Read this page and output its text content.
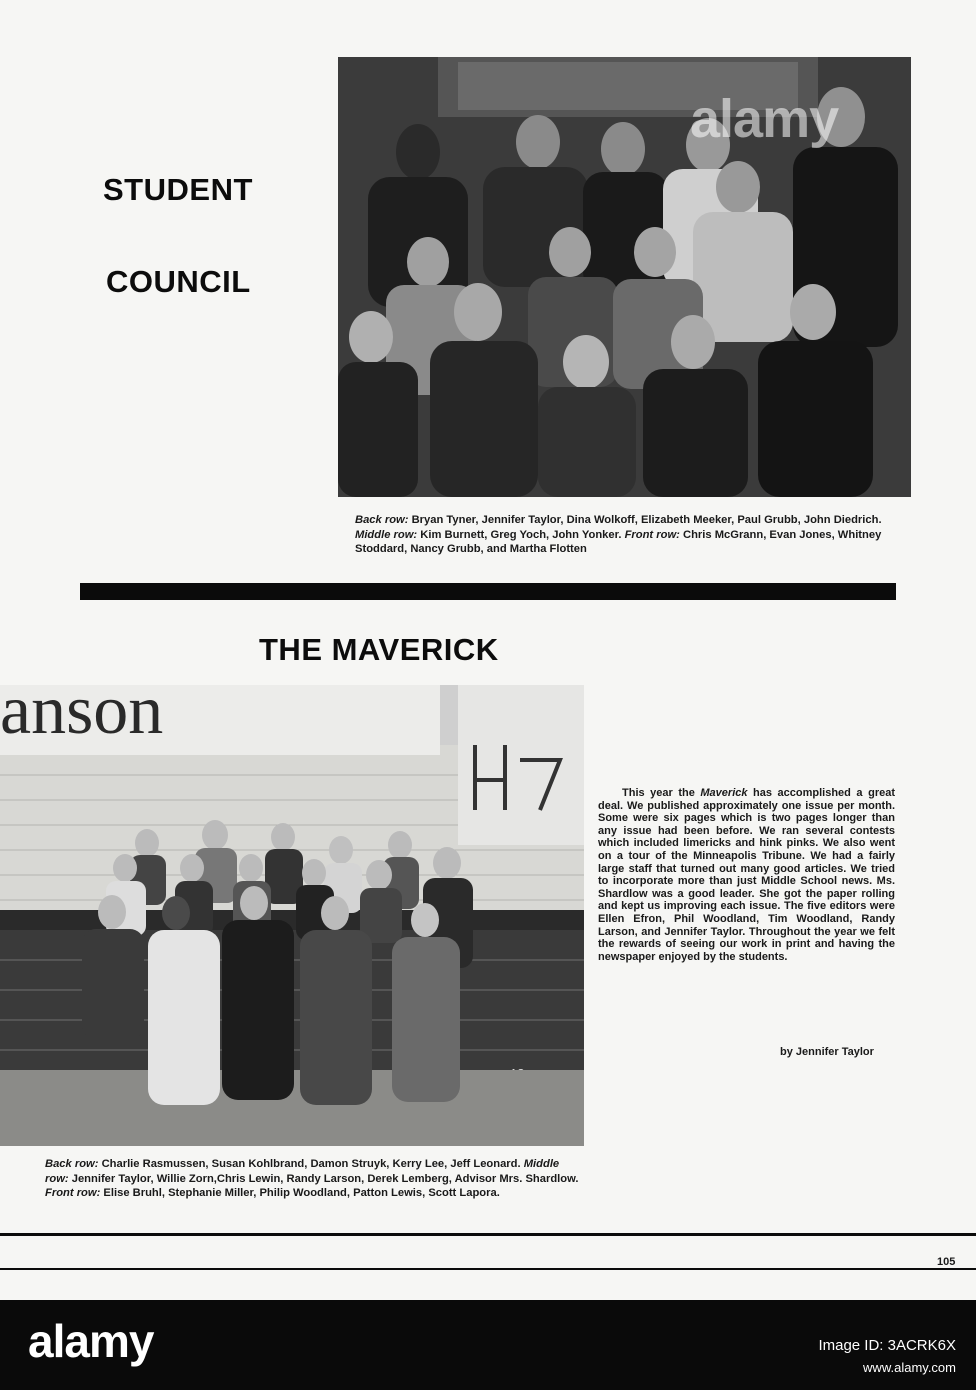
STUDENT
COUNCIL
Back row: Bryan Tyner, Jennifer Taylor, Dina Wolkoff, Elizabeth Meeker, Paul Grubb, John Diedrich. Middle row: Kim Burnett, Greg Yoch, John Yonker. Front row: Chris McGrann, Evan Jones, Whitney Stoddard, Nancy Grubb, and Martha Flotten
THE MAVERICK
anson
This year the Maverick has accomplished a great deal. We published approximately one issue per month. Some were six pages which is two pages longer than any issue had been before. We ran several contests which included limericks and hink pinks. We also went on a tour of the Minneapolis Tribune. We had a fairly large staff that turned out many good articles. We tried to incorporate more than just Middle School news. Ms. Shardlow was a good leader. She got the paper rolling and kept us improving each issue. The five editors were Ellen Efron, Phil Woodland, Tim Woodland, Randy Larson, and Jennifer Taylor. Throughout the year we felt the rewards of seeing our work in print and having the newspaper enjoyed by the students.
by Jennifer Taylor
Back row: Charlie Rasmussen, Susan Kohlbrand, Damon Struyk, Kerry Lee, Jeff Leonard. Middle row: Jennifer Taylor, Willie Zorn,Chris Lewin, Randy Larson, Derek Lemberg, Advisor Mrs. Shardlow. Front row: Elise Bruhl, Stephanie Miller, Philip Woodland, Patton Lewis, Scott Lapora.
105
alamy
alamy	Image ID: 3ACRK6X
www.alamy.com
